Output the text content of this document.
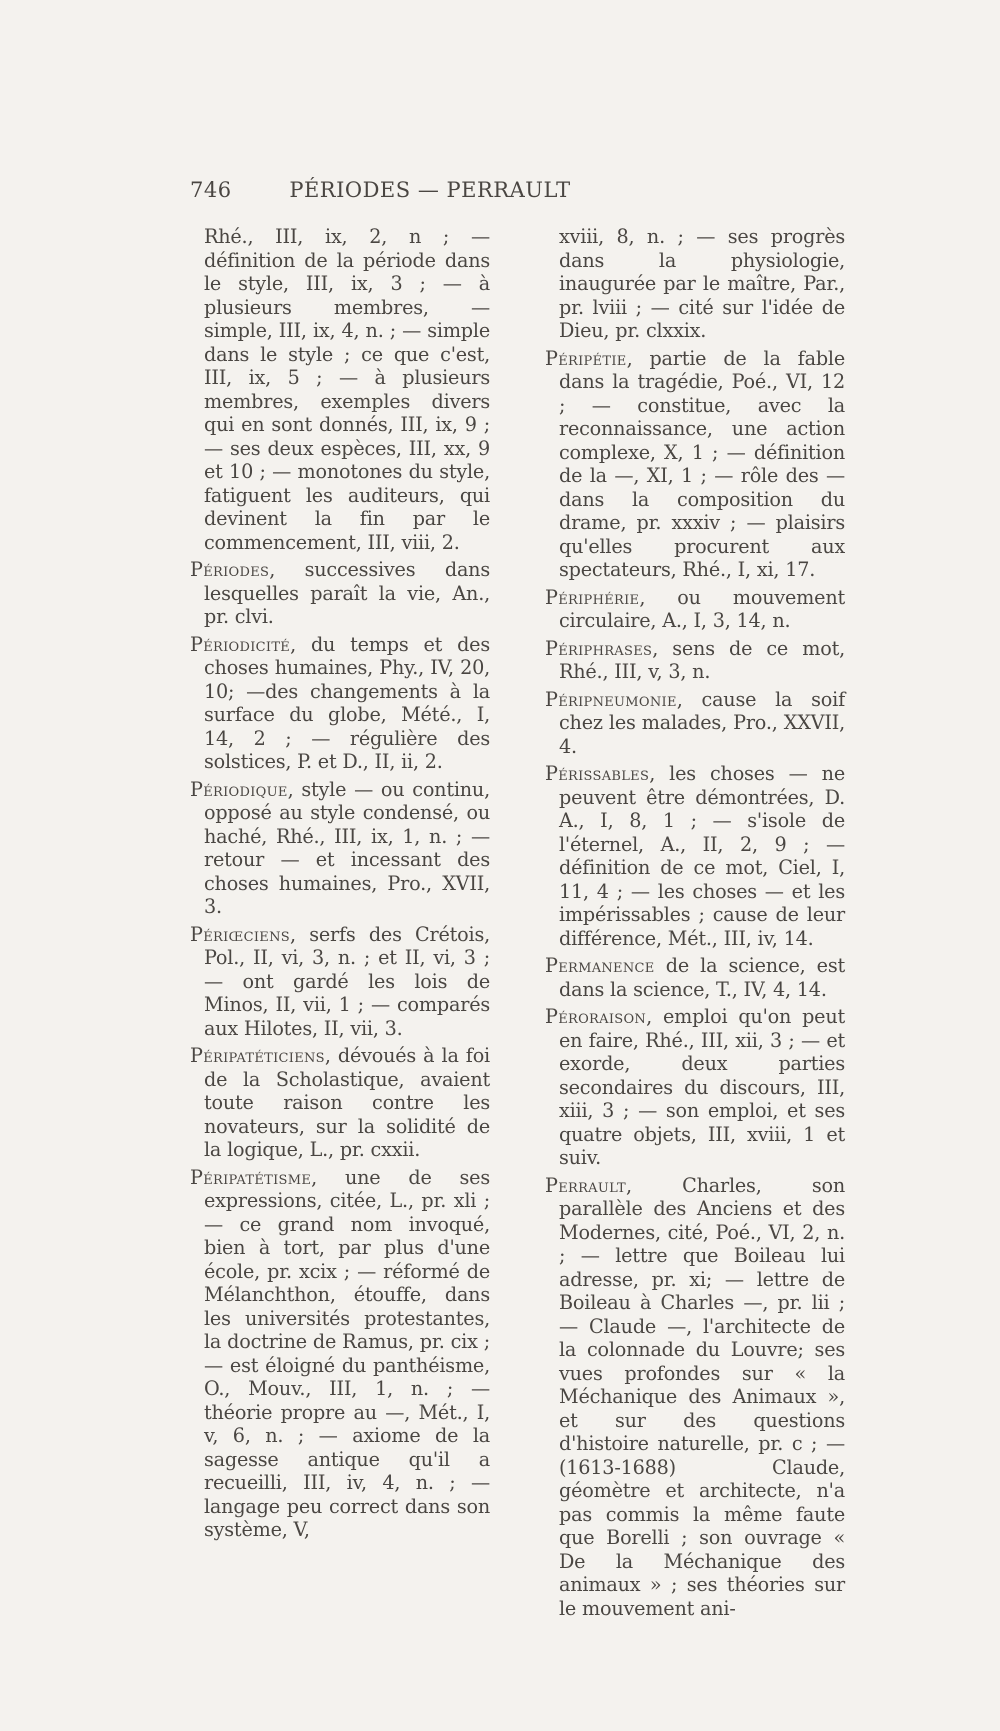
746	PÉRIODES — PERRAULT

Rhé., III, ix, 2, n ; — définition de la période dans le style, III, ix, 3 ; — à plusieurs membres, — simple, III, ix, 4, n. ; — simple dans le style ; ce que c'est, III, ix, 5 ; — à plusieurs membres, exemples divers qui en sont donnés, III, ix, 9 ; — ses deux espèces, III, xx, 9 et 10 ; — monotones du style, fatiguent les auditeurs, qui devinent la fin par le commencement, III, viii, 2.

Périodes, successives dans lesquelles paraît la vie, An., pr. clvi.

Périodicité, du temps et des choses humaines, Phy., IV, 20, 10; —des changements à la surface du globe, Mété., I, 14, 2 ; — régulière des solstices, P. et D., II, ii, 2.

Périodique, style — ou continu, opposé au style condensé, ou haché, Rhé., III, ix, 1, n. ; — retour — et incessant des choses humaines, Pro., XVII, 3.

Périœciens, serfs des Crétois, Pol., II, vi, 3, n. ; et II, vi, 3 ; — ont gardé les lois de Minos, II, vii, 1 ; — comparés aux Hilotes, II, vii, 3.

Péripatéticiens, dévoués à la foi de la Scholastique, avaient toute raison contre les novateurs, sur la solidité de la logique, L., pr. cxxii.

Péripatétisme, une de ses expressions, citée, L., pr. xli ; — ce grand nom invoqué, bien à tort, par plus d'une école, pr. xcix ; — réformé de Mélanchthon, étouffe, dans les universités protestantes, la doctrine de Ramus, pr. cix ; — est éloigné du panthéisme, O., Mouv., III, 1, n. ; — théorie propre au —, Mét., I, v, 6, n. ; — axiome de la sagesse antique qu'il a recueilli, III, iv, 4, n. ; — langage peu correct dans son système, V,

xviii, 8, n. ; — ses progrès dans la physiologie, inaugurée par le maître, Par., pr. lviii ; — cité sur l'idée de Dieu, pr. clxxix.

Péripétie, partie de la fable dans la tragédie, Poé., VI, 12 ; — constitue, avec la reconnaissance, une action complexe, X, 1 ; — définition de la —, XI, 1 ; — rôle des — dans la composition du drame, pr. xxxiv ; — plaisirs qu'elles procurent aux spectateurs, Rhé., I, xi, 17.

Périphérie, ou mouvement circulaire, A., I, 3, 14, n.

Périphrases, sens de ce mot, Rhé., III, v, 3, n.

Péripneumonie, cause la soif chez les malades, Pro., XXVII, 4.

Périssables, les choses — ne peuvent être démontrées, D. A., I, 8, 1 ; — s'isole de l'éternel, A., II, 2, 9 ; — définition de ce mot, Ciel, I, 11, 4 ; — les choses — et les impérissables ; cause de leur différence, Mét., III, iv, 14.

Permanence de la science, est dans la science, T., IV, 4, 14.

Péroraison, emploi qu'on peut en faire, Rhé., III, xii, 3 ; — et exorde, deux parties secondaires du discours, III, xiii, 3 ; — son emploi, et ses quatre objets, III, xviii, 1 et suiv.

Perrault, Charles, son parallèle des Anciens et des Modernes, cité, Poé., VI, 2, n. ; — lettre que Boileau lui adresse, pr. xi; — lettre de Boileau à Charles —, pr. lii ; — Claude —, l'architecte de la colonnade du Louvre; ses vues profondes sur « la Méchanique des Animaux », et sur des questions d'histoire naturelle, pr. c ; — (1613-1688) Claude, géomètre et architecte, n'a pas commis la même faute que Borelli ; son ouvrage « De la Méchanique des animaux » ; ses théories sur le mouvement ani-
